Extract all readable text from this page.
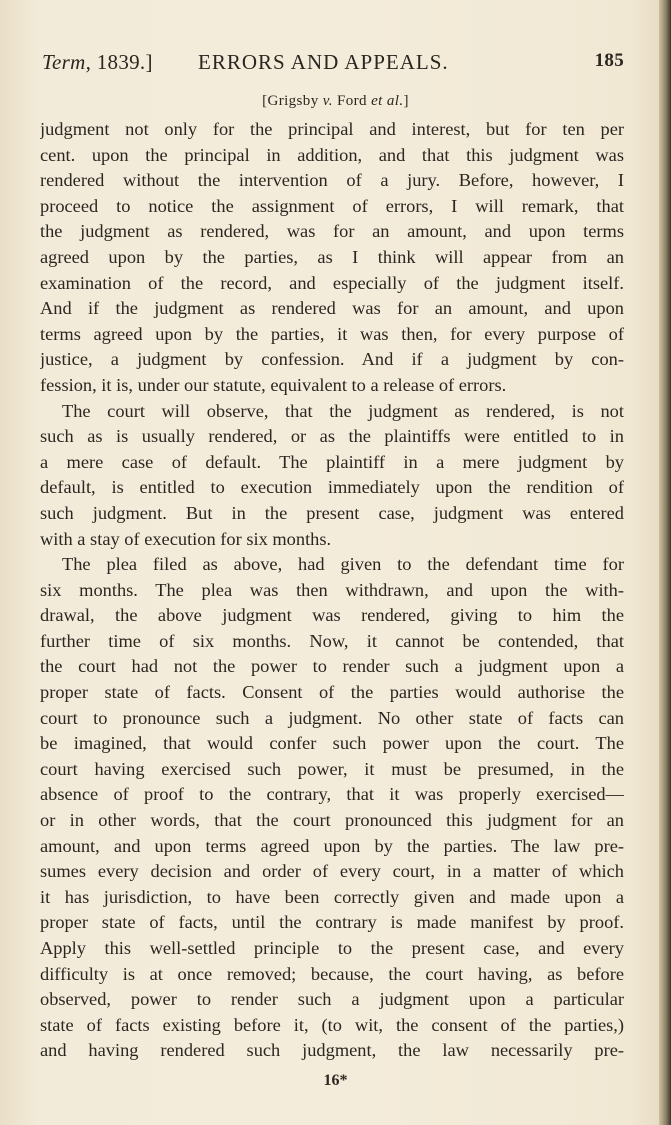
Term, 1839.] ERRORS AND APPEALS.	185
[Grigsby v. Ford et al.]
judgment not only for the principal and interest, but for ten per
cent. upon the principal in addition, and that this judgment was
rendered without the intervention of a jury. Before, however, I
proceed to notice the assignment of errors, I will remark, that
the judgment as rendered, was for an amount, and upon terms
agreed upon by the parties, as I think will appear from an
examination of the record, and especially of the judgment itself.
And if the judgment as rendered was for an amount, and upon
terms agreed upon by the parties, it was then, for every purpose of
justice, a judgment by confession. And if a judgment by con-
fession, it is, under our statute, equivalent to a release of errors.
The court will observe, that the judgment as rendered, is not
such as is usually rendered, or as the plaintiffs were entitled to in
a mere case of default. The plaintiff in a mere judgment by
default, is entitled to execution immediately upon the rendition of
such judgment. But in the present case, judgment was entered
with a stay of execution for six months.
The plea filed as above, had given to the defendant time for
six months. The plea was then withdrawn, and upon the with-
drawal, the above judgment was rendered, giving to him the
further time of six months. Now, it cannot be contended, that
the court had not the power to render such a judgment upon a
proper state of facts. Consent of the parties would authorise the
court to pronounce such a judgment. No other state of facts can
be imagined, that would confer such power upon the court. The
court having exercised such power, it must be presumed, in the
absence of proof to the contrary, that it was properly exercised—
or in other words, that the court pronounced this judgment for an
amount, and upon terms agreed upon by the parties. The law pre-
sumes every decision and order of every court, in a matter of which
it has jurisdiction, to have been correctly given and made upon a
proper state of facts, until the contrary is made manifest by proof.
Apply this well-settled principle to the present case, and every
difficulty is at once removed; because, the court having, as before
observed, power to render such a judgment upon a particular
state of facts existing before it, (to wit, the consent of the parties,)
and having rendered such judgment, the law necessarily pre-
16*
